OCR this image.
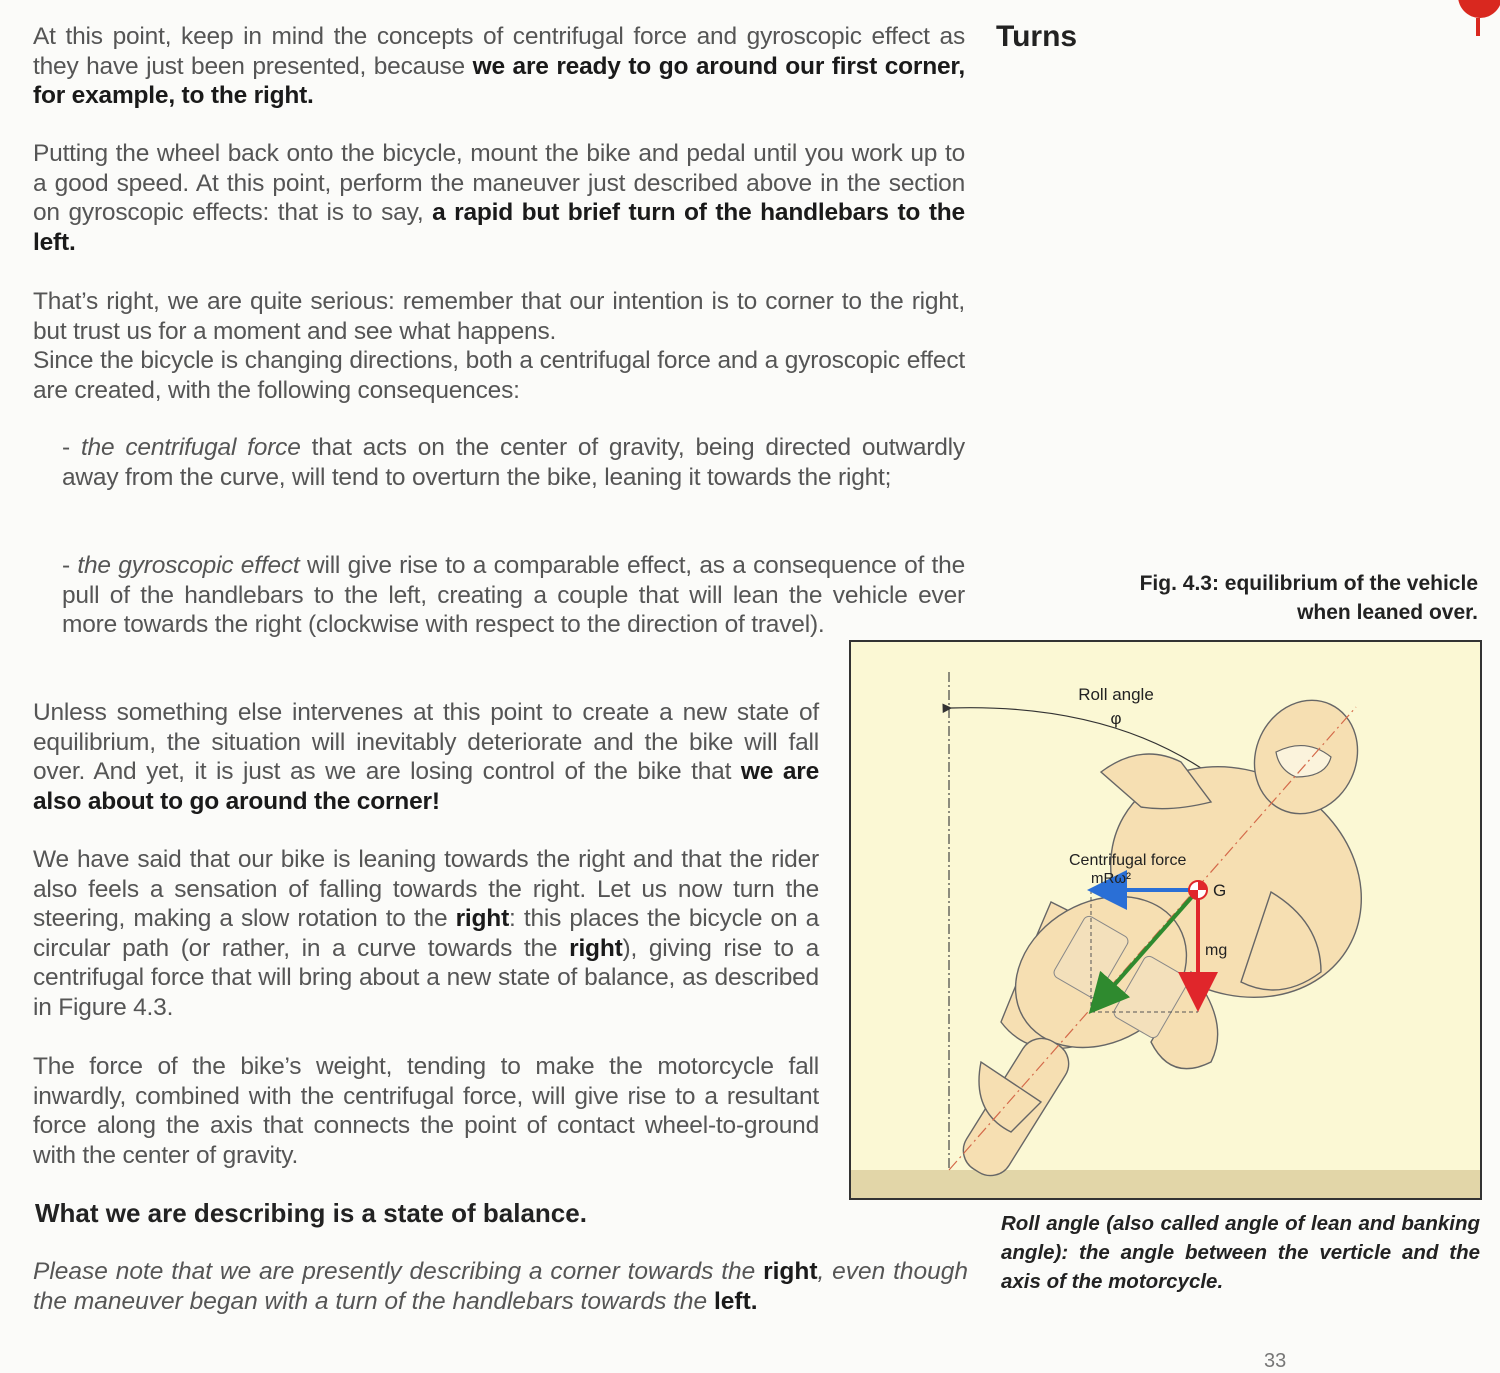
At this point, keep in mind the concepts of centrifugal force and gyroscopic effect as they have just been presented, because we are ready to go around our first corner, for example, to the right.

Putting the wheel back onto the bicycle, mount the bike and pedal until you work up to a good speed. At this point, perform the maneuver just described above in the section on gyroscopic effects: that is to say, a rapid but brief turn of the handlebars to the left.

That’s right, we are quite serious: remember that our intention is to corner to the right, but trust us for a moment and see what happens.

Since the bicycle is changing directions, both a centrifugal force and a gyroscopic effect are created, with the following consequences:

- the centrifugal force that acts on the center of gravity, being directed outwardly away from the curve, will tend to overturn the bike, leaning it towards the right;

- the gyroscopic effect will give rise to a comparable effect, as a consequence of the pull of the handlebars to the left, creating a couple that will lean the vehicle ever more towards the right (clockwise with respect to the direction of travel).

Unless something else intervenes at this point to create a new state of equilibrium, the situation will inevitably deteriorate and the bike will fall over. And yet, it is just as we are losing control of the bike that we are also about to go around the corner!

We have said that our bike is leaning towards the right and that the rider also feels a sensation of falling towards the right. Let us now turn the steering, making a slow rotation to the right: this places the bicycle on a circular path (or rather, in a curve towards the right), giving rise to a centrifugal force that will bring about a new state of balance, as described in Figure 4.3.

The force of the bike’s weight, tending to make the motorcycle fall inwardly, combined with the centrifugal force, will give rise to a resultant force along the axis that connects the point of contact wheel-to-ground with the center of gravity.

What we are describing is a state of balance.
Please note that we are presently describing a corner towards the right, even though the maneuver began with a turn of the handlebars towards the left.
Turns
Fig. 4.3: equilibrium of the vehicle
when leaned over.
Roll angle
φ
Centrifugal force
mRω²
G
mg
Roll angle (also called angle of lean and banking angle): the angle between the verticle and the axis of the motorcycle.
33
